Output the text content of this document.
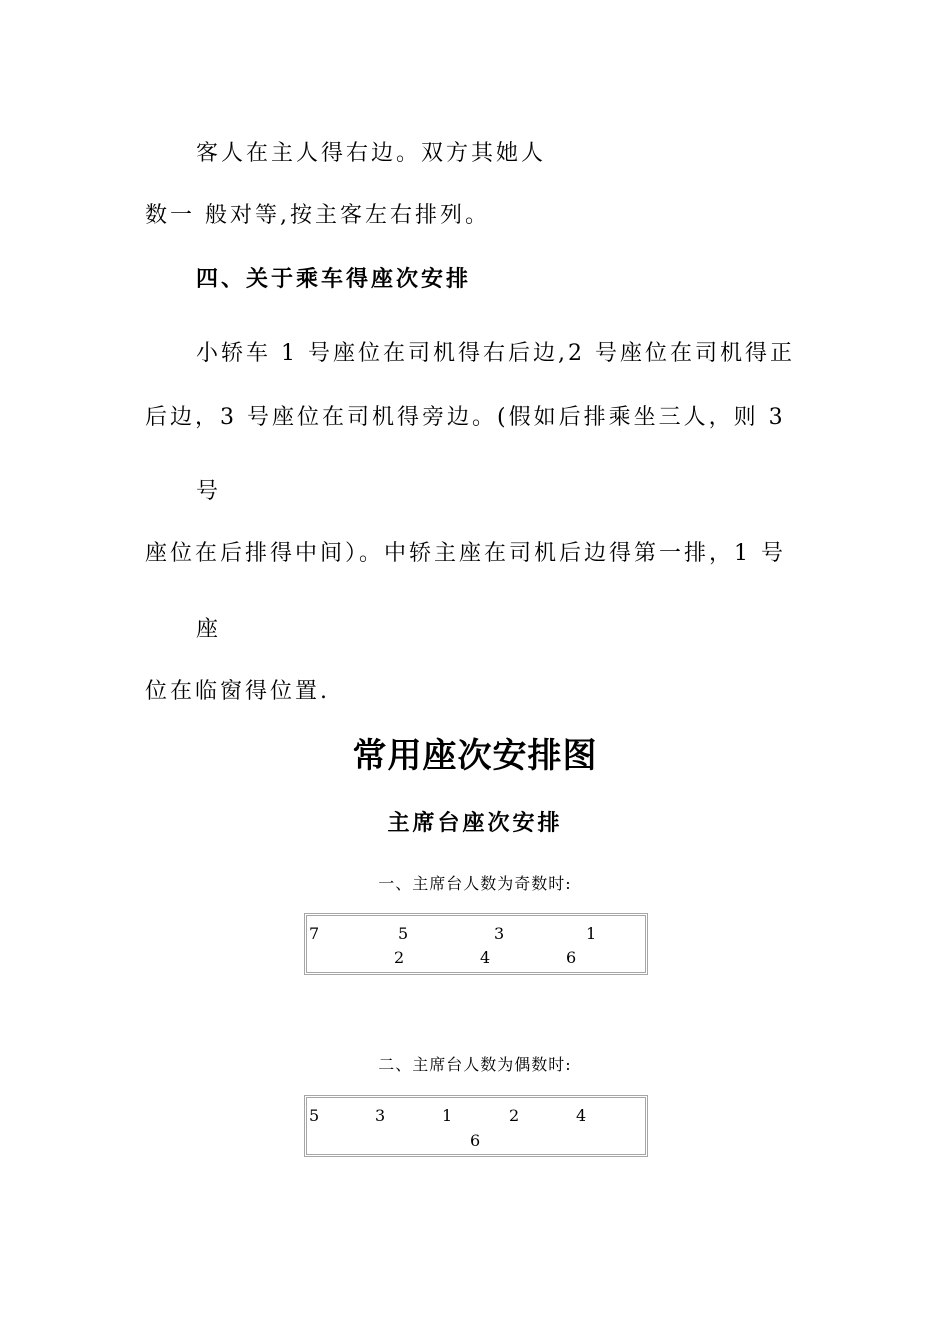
客人在主人得右边。双方其她人
数一 般对等,按主客左右排列。
四、关于乘车得座次安排
小轿车 1 号座位在司机得右后边,2 号座位在司机得正
后边，3 号座位在司机得旁边。(假如后排乘坐三人，则 3
号
座位在后排得中间）。中轿主座在司机后边得第一排，1 号
座
位在临窗得位置.
常用座次安排图
主席台座次安排
一、主席台人数为奇数时:
7	5	3	1
2	4	6
二、主席台人数为偶数时:
5	3	1	2	4
6
